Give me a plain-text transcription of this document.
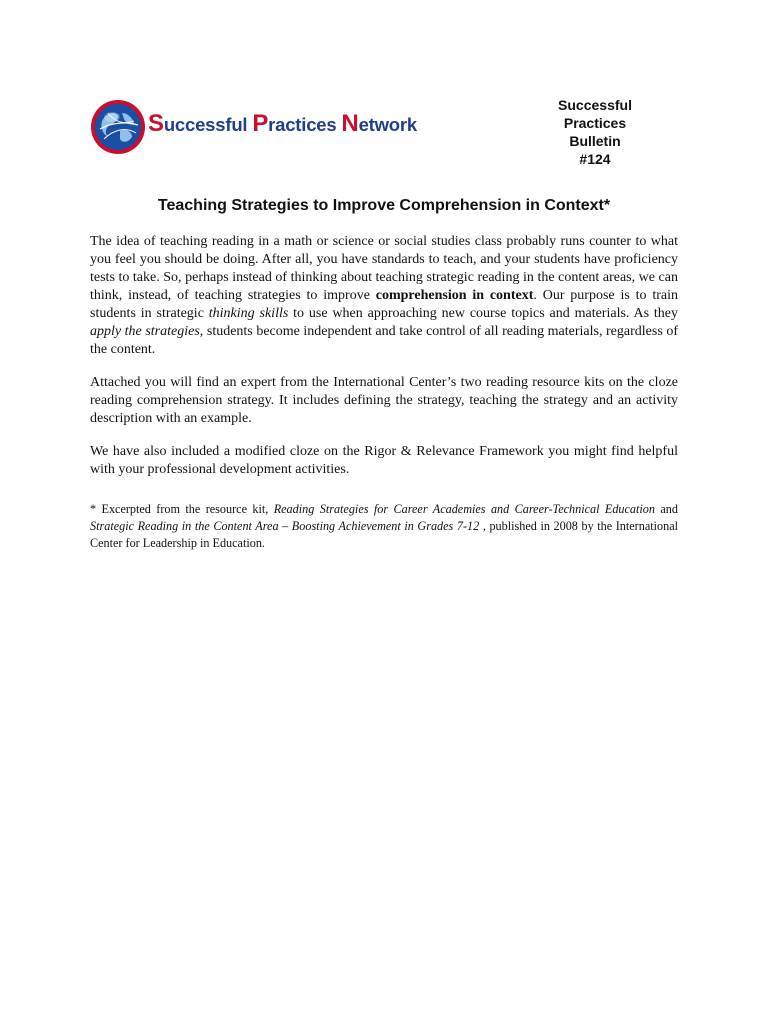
Successful Practices Network
Successful
Practices
Bulletin
#124
Teaching Strategies to Improve Comprehension in Context*

The idea of teaching reading in a math or science or social studies class probably runs counter to what you feel you should be doing. After all, you have standards to teach, and your students have proficiency tests to take. So, perhaps instead of thinking about teaching strategic reading in the content areas, we can think, instead, of teaching strategies to improve comprehension in context. Our purpose is to train students in strategic thinking skills to use when approaching new course topics and materials. As they apply the strategies, students become independent and take control of all reading materials, regardless of the content.

Attached you will find an expert from the International Center’s two reading resource kits on the cloze reading comprehension strategy. It includes defining the strategy, teaching the strategy and an activity description with an example.

We have also included a modified cloze on the Rigor & Relevance Framework you might find helpful with your professional development activities.

* Excerpted from the resource kit, Reading Strategies for Career Academies and Career-Technical Education and Strategic Reading in the Content Area – Boosting Achievement in Grades 7-12 , published in 2008 by the International Center for Leadership in Education.
